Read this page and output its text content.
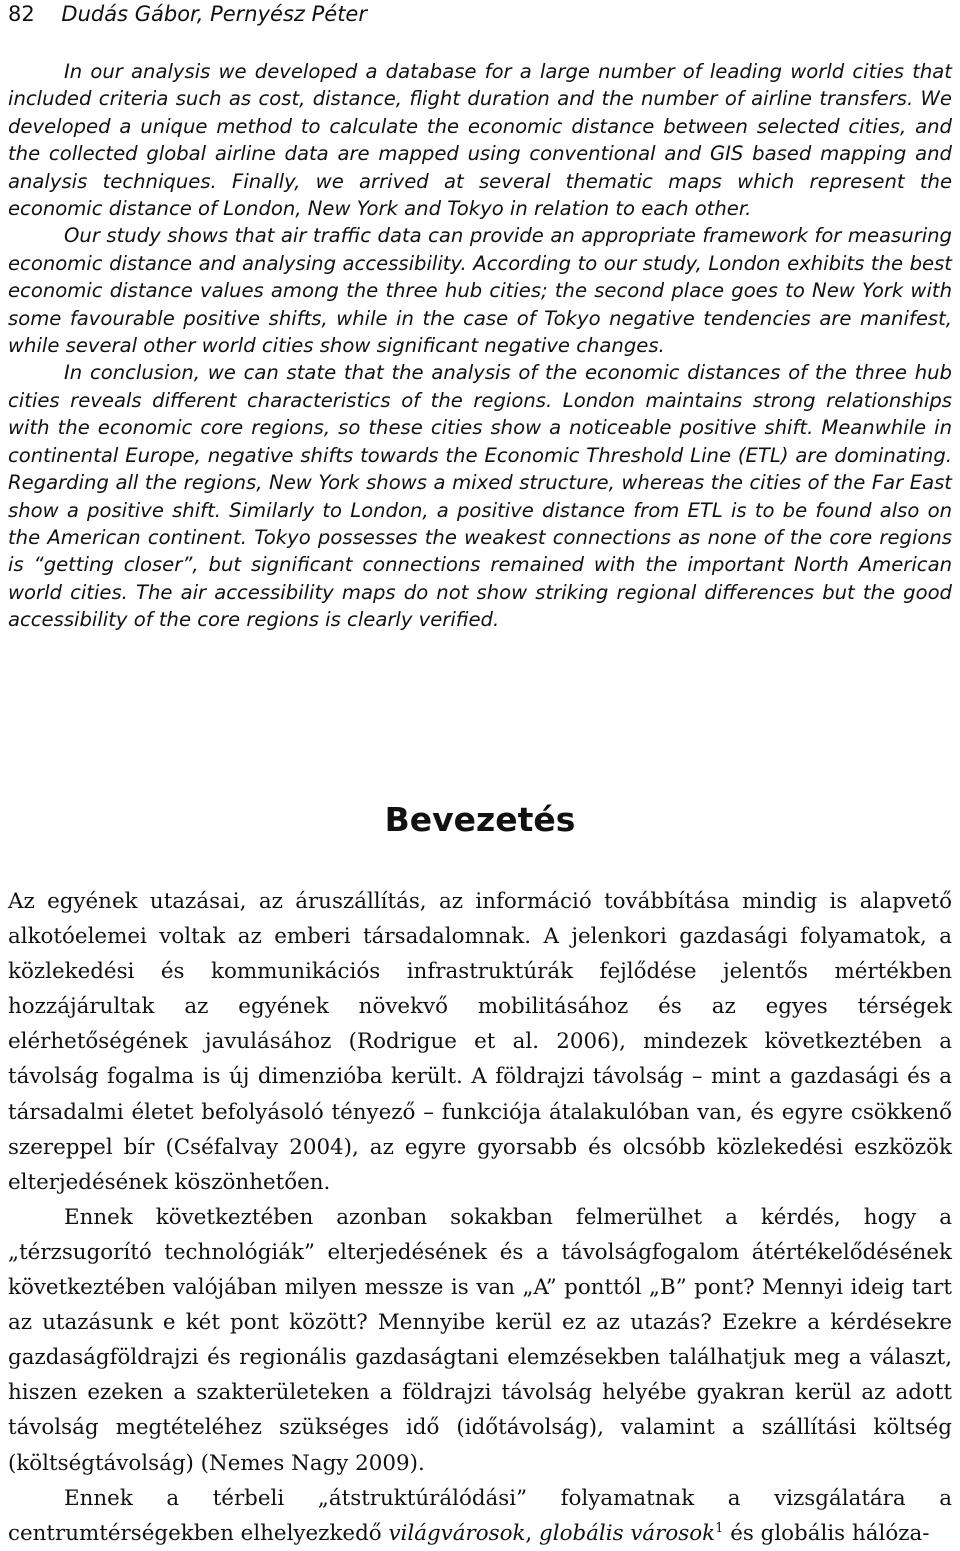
82 Dudás Gábor, Pernyész Péter

In our analysis we developed a database for a large number of leading world cities that included criteria such as cost, distance, flight duration and the number of airline transfers. We developed a unique method to calculate the economic distance between selected cities, and the collected global airline data are mapped using conventional and GIS based mapping and analysis techniques. Finally, we arrived at several thematic maps which represent the economic distance of London, New York and Tokyo in relation to each other.

Our study shows that air traffic data can provide an appropriate framework for measuring economic distance and analysing accessibility. According to our study, London exhibits the best economic distance values among the three hub cities; the second place goes to New York with some favourable positive shifts, while in the case of Tokyo negative tendencies are manifest, while several other world cities show significant negative changes.

In conclusion, we can state that the analysis of the economic distances of the three hub cities reveals different characteristics of the regions. London maintains strong relationships with the economic core regions, so these cities show a noticeable positive shift. Meanwhile in continental Europe, negative shifts towards the Economic Threshold Line (ETL) are dominating. Regarding all the regions, New York shows a mixed structure, whereas the cities of the Far East show a positive shift. Similarly to London, a positive distance from ETL is to be found also on the American continent. Tokyo possesses the weakest connections as none of the core regions is “getting closer”, but significant connections remained with the important North American world cities. The air accessibility maps do not show striking regional differences but the good accessibility of the core regions is clearly verified.

Bevezetés

Az egyének utazásai, az áruszállítás, az információ továbbítása mindig is alapvető alkotóelemei voltak az emberi társadalomnak. A jelenkori gazdasági folyamatok, a közlekedési és kommunikációs infrastruktúrák fejlődése jelentős mértékben hozzájárultak az egyének növekvő mobilitásához és az egyes térségek elérhetőségének javulásához (Rodrigue et al. 2006), mindezek következtében a távolság fogalma is új dimenzióba került. A földrajzi távolság – mint a gazdasági és a társadalmi életet befolyásoló tényező – funkciója átalakulóban van, és egyre csökkenő szereppel bír (Cséfalvay 2004), az egyre gyorsabb és olcsóbb közlekedési eszközök elterjedésének köszönhetően.

Ennek következtében azonban sokakban felmerülhet a kérdés, hogy a „térzsugorító technológiák” elterjedésének és a távolságfogalom átértékelődésének következtében valójában milyen messze is van „A” ponttól „B” pont? Mennyi ideig tart az utazásunk e két pont között? Mennyibe kerül ez az utazás? Ezekre a kérdésekre gazdaságföldrajzi és regionális gazdaságtani elemzésekben találhatjuk meg a választ, hiszen ezeken a szakterületeken a földrajzi távolság helyébe gyakran kerül az adott távolság megtételéhez szükséges idő (időtávolság), valamint a szállítási költség (költségtávolság) (Nemes Nagy 2009).

Ennek a térbeli „átstruktúrálódási” folyamatnak a vizsgálatára a centrumtérségekben elhelyezkedő világvárosok, globális városok$^1$ és globális hálóza-
